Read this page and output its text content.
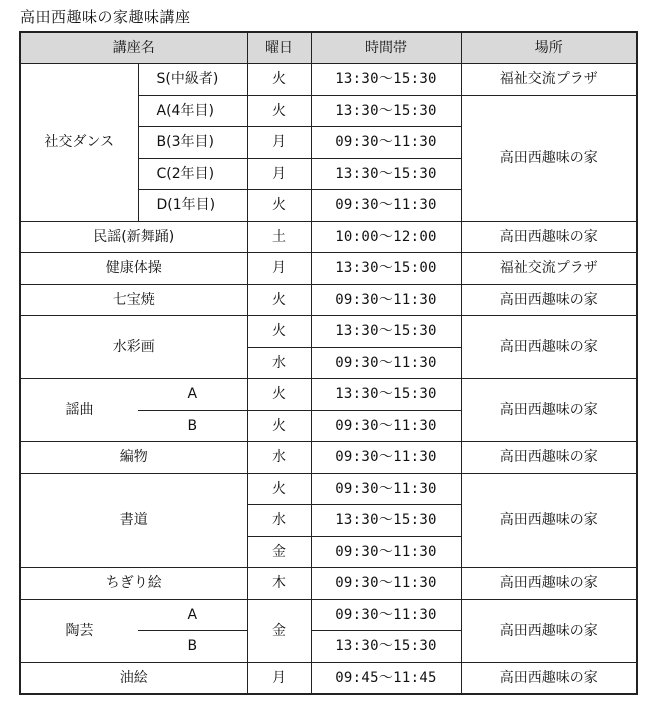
高田西趣味の家趣味講座
講座名		曜日	時間帯	場所
社交ダンス	S(中級者)	火	13:30～15:30	福祉交流プラザ
	A(4年目)	火	13:30～15:30	高田西趣味の家
	B(3年目)	月	09:30～11:30	
	C(2年目)	月	13:30～15:30	
	D(1年目)	火	09:30～11:30	
民謡(新舞踊)		土	10:00～12:00	高田西趣味の家
健康体操		月	13:30～15:00	福祉交流プラザ
七宝焼		火	09:30～11:30	高田西趣味の家
水彩画		火	13:30～15:30	高田西趣味の家
		水	09:30～11:30	
謡曲	A	火	13:30～15:30	高田西趣味の家
	B	火	09:30～11:30	
編物		水	09:30～11:30	高田西趣味の家
書道		火	09:30～11:30	高田西趣味の家
		水	13:30～15:30	
		金	09:30～11:30	
ちぎり絵		木	09:30～11:30	高田西趣味の家
陶芸	A	金	09:30～11:30	高田西趣味の家
	B		13:30～15:30	
油絵		月	09:45～11:45	高田西趣味の家
